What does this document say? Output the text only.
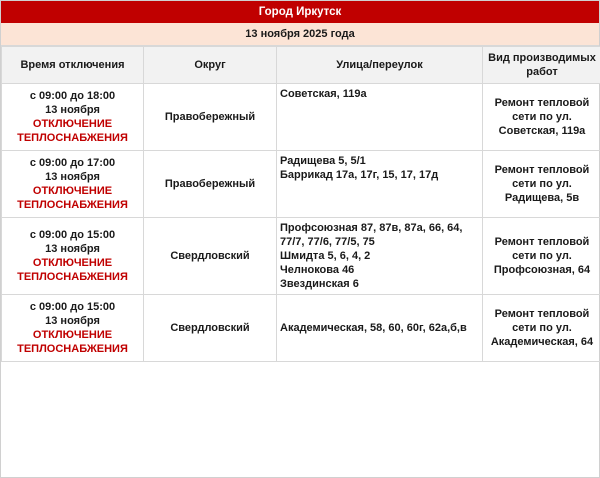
Город Иркутск
13 ноября 2025 года
Время отключения	Округ	Улица/переулок	Вид производимых работ

с 09:00 до 18:00
13 ноября
ОТКЛЮЧЕНИЕ ТЕПЛОСНАБЖЕНИЯ	Правобережный	Советская, 119а	Ремонт тепловой сети по ул. Советская, 119а

с 09:00 до 17:00
13 ноября
ОТКЛЮЧЕНИЕ ТЕПЛОСНАБЖЕНИЯ	Правобережный	Радищева 5, 5/1
Баррикад 17а, 17г, 15, 17, 17д	Ремонт тепловой сети по ул. Радищева, 5в

с 09:00 до 15:00
13 ноября
ОТКЛЮЧЕНИЕ ТЕПЛОСНАБЖЕНИЯ	Свердловский	Профсоюзная 87, 87в, 87а, 66, 64, 77/7, 77/6, 77/5, 75
Шмидта 5, 6, 4, 2
Челнокова 46
Звездинская 6	Ремонт тепловой сети по ул. Профсоюзная, 64

с 09:00 до 15:00
13 ноября
ОТКЛЮЧЕНИЕ ТЕПЛОСНАБЖЕНИЯ	Свердловский	Академическая, 58, 60, 60г, 62а,б,в	Ремонт тепловой сети по ул. Академическая, 64
